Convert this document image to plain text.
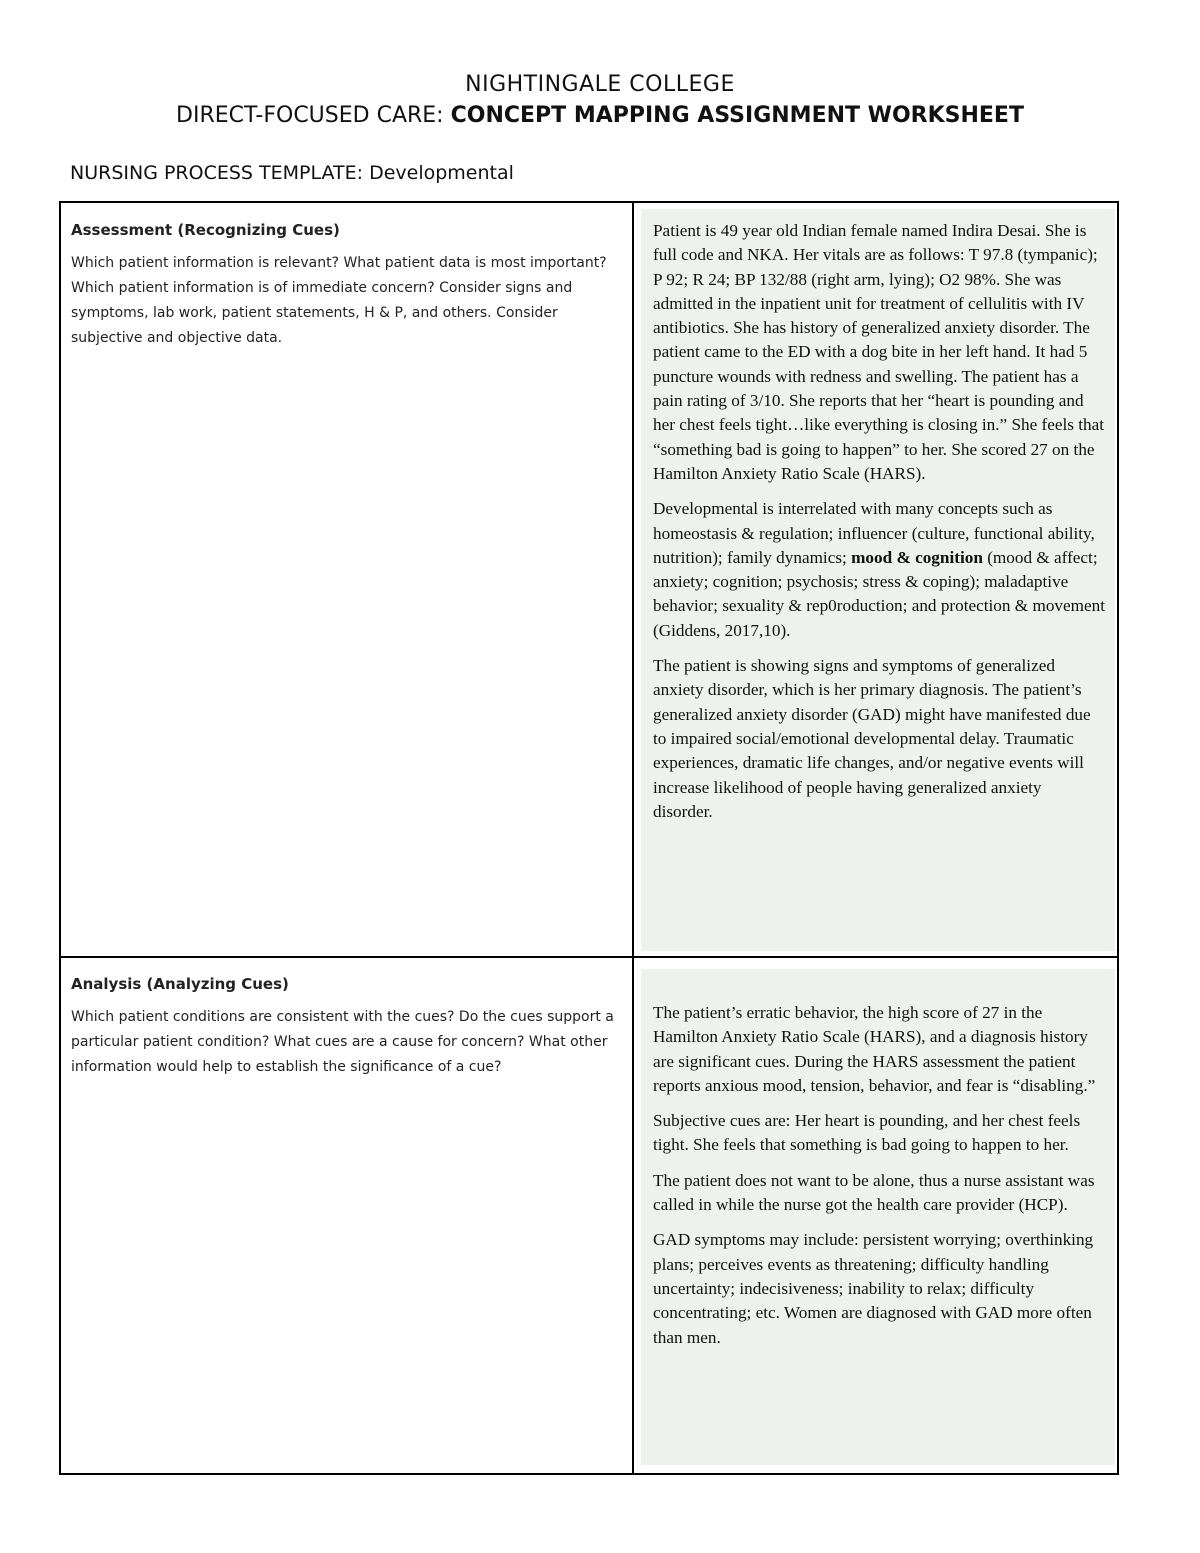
NIGHTINGALE COLLEGE
DIRECT-FOCUSED CARE: CONCEPT MAPPING ASSIGNMENT WORKSHEET
NURSING PROCESS TEMPLATE: Developmental
Assessment (Recognizing Cues)
Which patient information is relevant? What patient data is most important? Which patient information is of immediate concern? Consider signs and symptoms, lab work, patient statements, H & P, and others. Consider subjective and objective data.

Patient is 49 year old Indian female named Indira Desai. She is full code and NKA. Her vitals are as follows: T 97.8 (tympanic); P 92; R 24; BP 132/88 (right arm, lying); O2 98%. She was admitted in the inpatient unit for treatment of cellulitis with IV antibiotics. She has history of generalized anxiety disorder. The patient came to the ED with a dog bite in her left hand. It had 5 puncture wounds with redness and swelling. The patient has a pain rating of 3/10. She reports that her “heart is pounding and her chest feels tight…like everything is closing in.” She feels that “something bad is going to happen” to her. She scored 27 on the Hamilton Anxiety Ratio Scale (HARS).

Developmental is interrelated with many concepts such as homeostasis & regulation; influencer (culture, functional ability, nutrition); family dynamics; mood & cognition (mood & affect; anxiety; cognition; psychosis; stress & coping); maladaptive behavior; sexuality & rep0roduction; and protection & movement (Giddens, 2017,10).

The patient is showing signs and symptoms of generalized anxiety disorder, which is her primary diagnosis. The patient’s generalized anxiety disorder (GAD) might have manifested due to impaired social/emotional developmental delay. Traumatic experiences, dramatic life changes, and/or negative events will increase likelihood of people having generalized anxiety disorder.

Analysis (Analyzing Cues)
Which patient conditions are consistent with the cues? Do the cues support a particular patient condition? What cues are a cause for concern? What other information would help to establish the significance of a cue?

The patient’s erratic behavior, the high score of 27 in the Hamilton Anxiety Ratio Scale (HARS), and a diagnosis history are significant cues. During the HARS assessment the patient reports anxious mood, tension, behavior, and fear is “disabling.”

Subjective cues are: Her heart is pounding, and her chest feels tight. She feels that something is bad going to happen to her.

The patient does not want to be alone, thus a nurse assistant was called in while the nurse got the health care provider (HCP).

GAD symptoms may include: persistent worrying; overthinking plans; perceives events as threatening; difficulty handling uncertainty; indecisiveness; inability to relax; difficulty concentrating; etc. Women are diagnosed with GAD more often than men.
